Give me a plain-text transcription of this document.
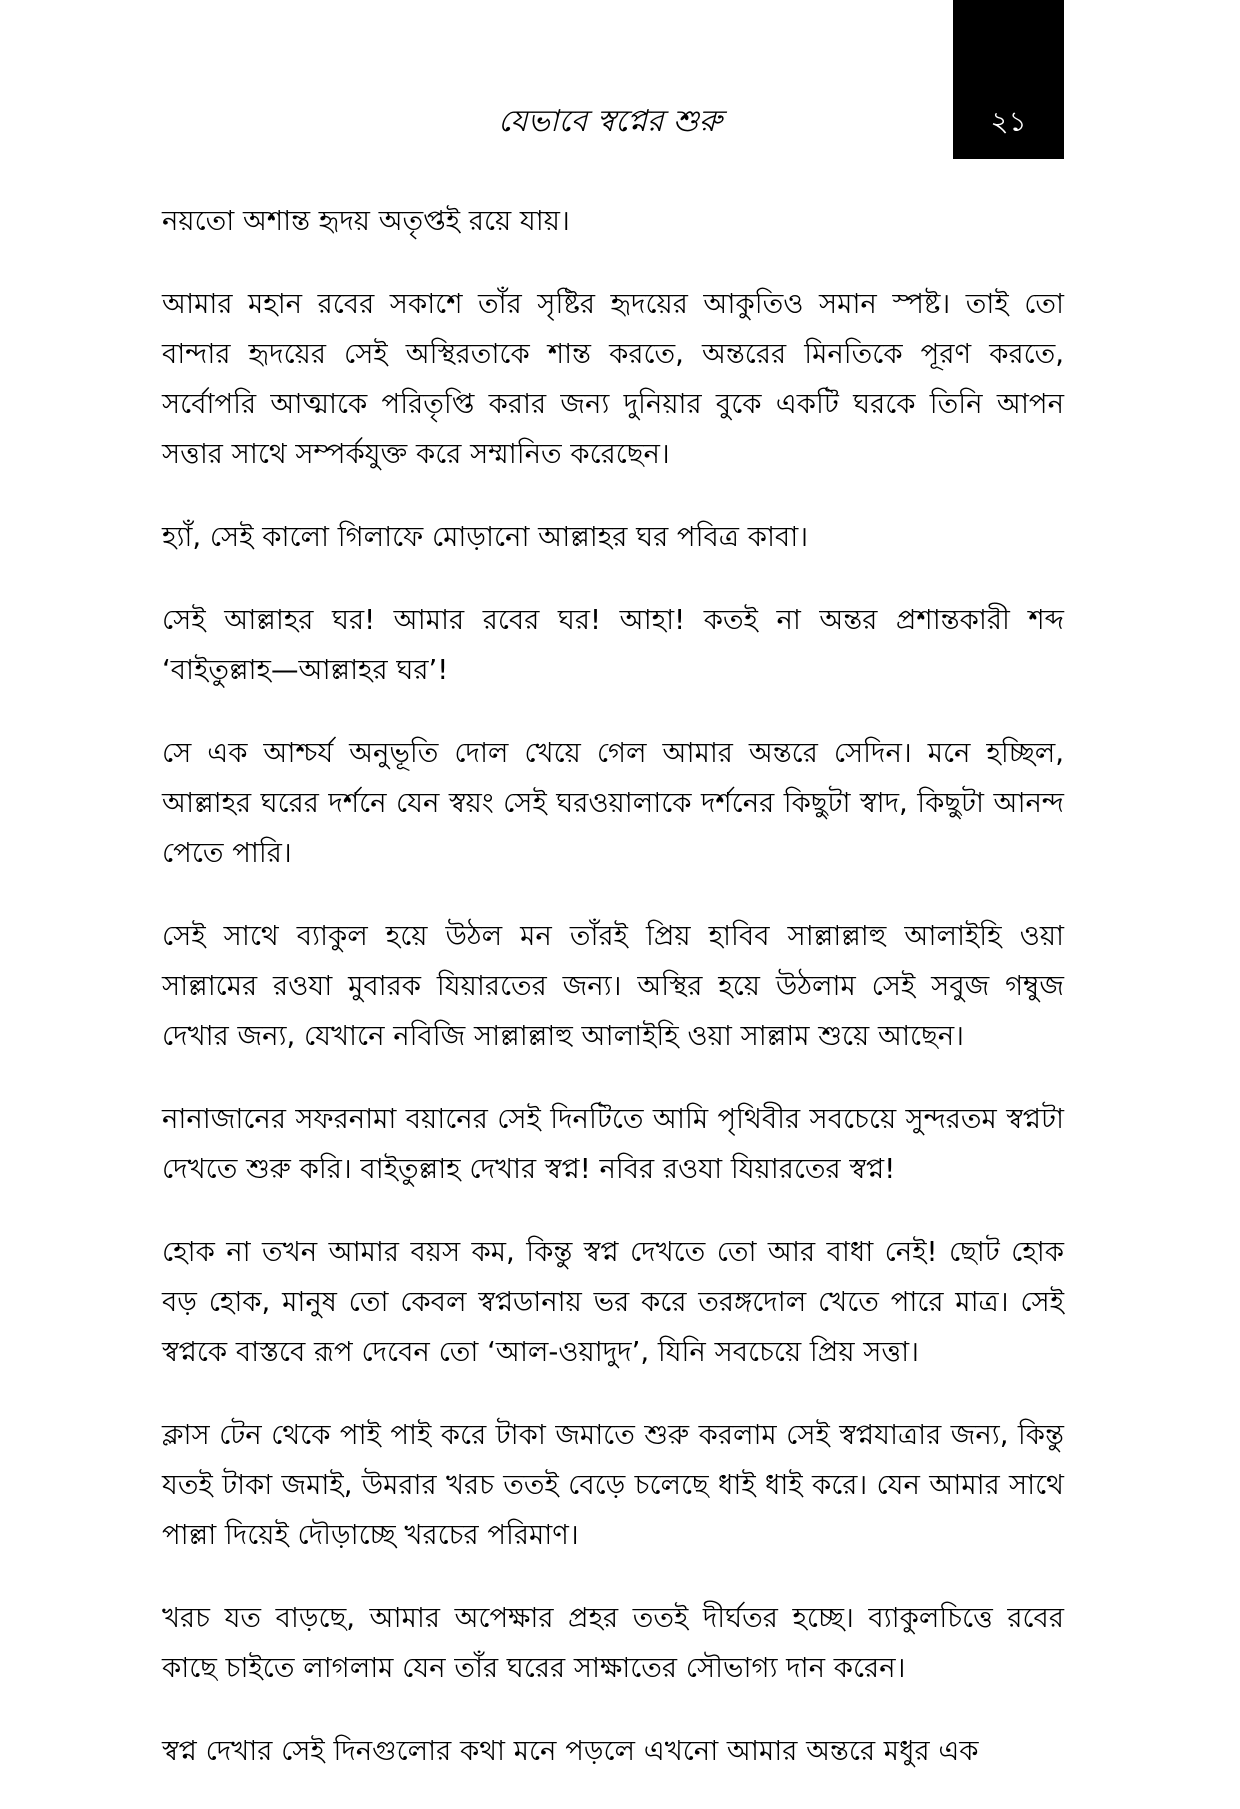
যেভাবে স্বপ্নের শুরু	২১

নয়তো অশান্ত হৃদয় অতৃপ্তই রয়ে যায়।

আমার মহান রবের সকাশে তাঁর সৃষ্টির হৃদয়ের আকুতিও সমান স্পষ্ট। তাই তো বান্দার হৃদয়ের সেই অস্থিরতাকে শান্ত করতে, অন্তরের মিনতিকে পূরণ করতে, সর্বোপরি আত্মাকে পরিতৃপ্তি করার জন্য দুনিয়ার বুকে একটি ঘরকে তিনি আপন সত্তার সাথে সম্পর্কযুক্ত করে সম্মানিত করেছেন।

হ্যাঁ, সেই কালো গিলাফে মোড়ানো আল্লাহর ঘর পবিত্র কাবা।

সেই আল্লাহর ঘর! আমার রবের ঘর! আহা! কতই না অন্তর প্রশান্তকারী শব্দ ‘বাইতুল্লাহ—আল্লাহর ঘর’!

সে এক আশ্চর্য অনুভূতি দোল খেয়ে গেল আমার অন্তরে সেদিন। মনে হচ্ছিল, আল্লাহর ঘরের দর্শনে যেন স্বয়ং সেই ঘরওয়ালাকে দর্শনের কিছুটা স্বাদ, কিছুটা আনন্দ পেতে পারি।

সেই সাথে ব্যাকুল হয়ে উঠল মন তাঁরই প্রিয় হাবিব সাল্লাল্লাহু আলাইহি ওয়া সাল্লামের রওযা মুবারক যিয়ারতের জন্য। অস্থির হয়ে উঠলাম সেই সবুজ গম্বুজ দেখার জন্য, যেখানে নবিজি সাল্লাল্লাহু আলাইহি ওয়া সাল্লাম শুয়ে আছেন।

নানাজানের সফরনামা বয়ানের সেই দিনটিতে আমি পৃথিবীর সবচেয়ে সুন্দরতম স্বপ্নটা দেখতে শুরু করি। বাইতুল্লাহ দেখার স্বপ্ন! নবির রওযা যিয়ারতের স্বপ্ন!

হোক না তখন আমার বয়স কম, কিন্তু স্বপ্ন দেখতে তো আর বাধা নেই! ছোট হোক বড় হোক, মানুষ তো কেবল স্বপ্নডানায় ভর করে তরঙ্গদোল খেতে পারে মাত্র। সেই স্বপ্নকে বাস্তবে রূপ দেবেন তো ‘আল-ওয়াদুদ’, যিনি সবচেয়ে প্রিয় সত্তা।

ক্লাস টেন থেকে পাই পাই করে টাকা জমাতে শুরু করলাম সেই স্বপ্নযাত্রার জন্য, কিন্তু যতই টাকা জমাই, উমরার খরচ ততই বেড়ে চলেছে ধাই ধাই করে। যেন আমার সাথে পাল্লা দিয়েই দৌড়াচ্ছে খরচের পরিমাণ।

খরচ যত বাড়ছে, আমার অপেক্ষার প্রহর ততই দীর্ঘতর হচ্ছে। ব্যাকুলচিত্তে রবের কাছে চাইতে লাগলাম যেন তাঁর ঘরের সাক্ষাতের সৌভাগ্য দান করেন।

স্বপ্ন দেখার সেই দিনগুলোর কথা মনে পড়লে এখনো আমার অন্তরে মধুর এক
